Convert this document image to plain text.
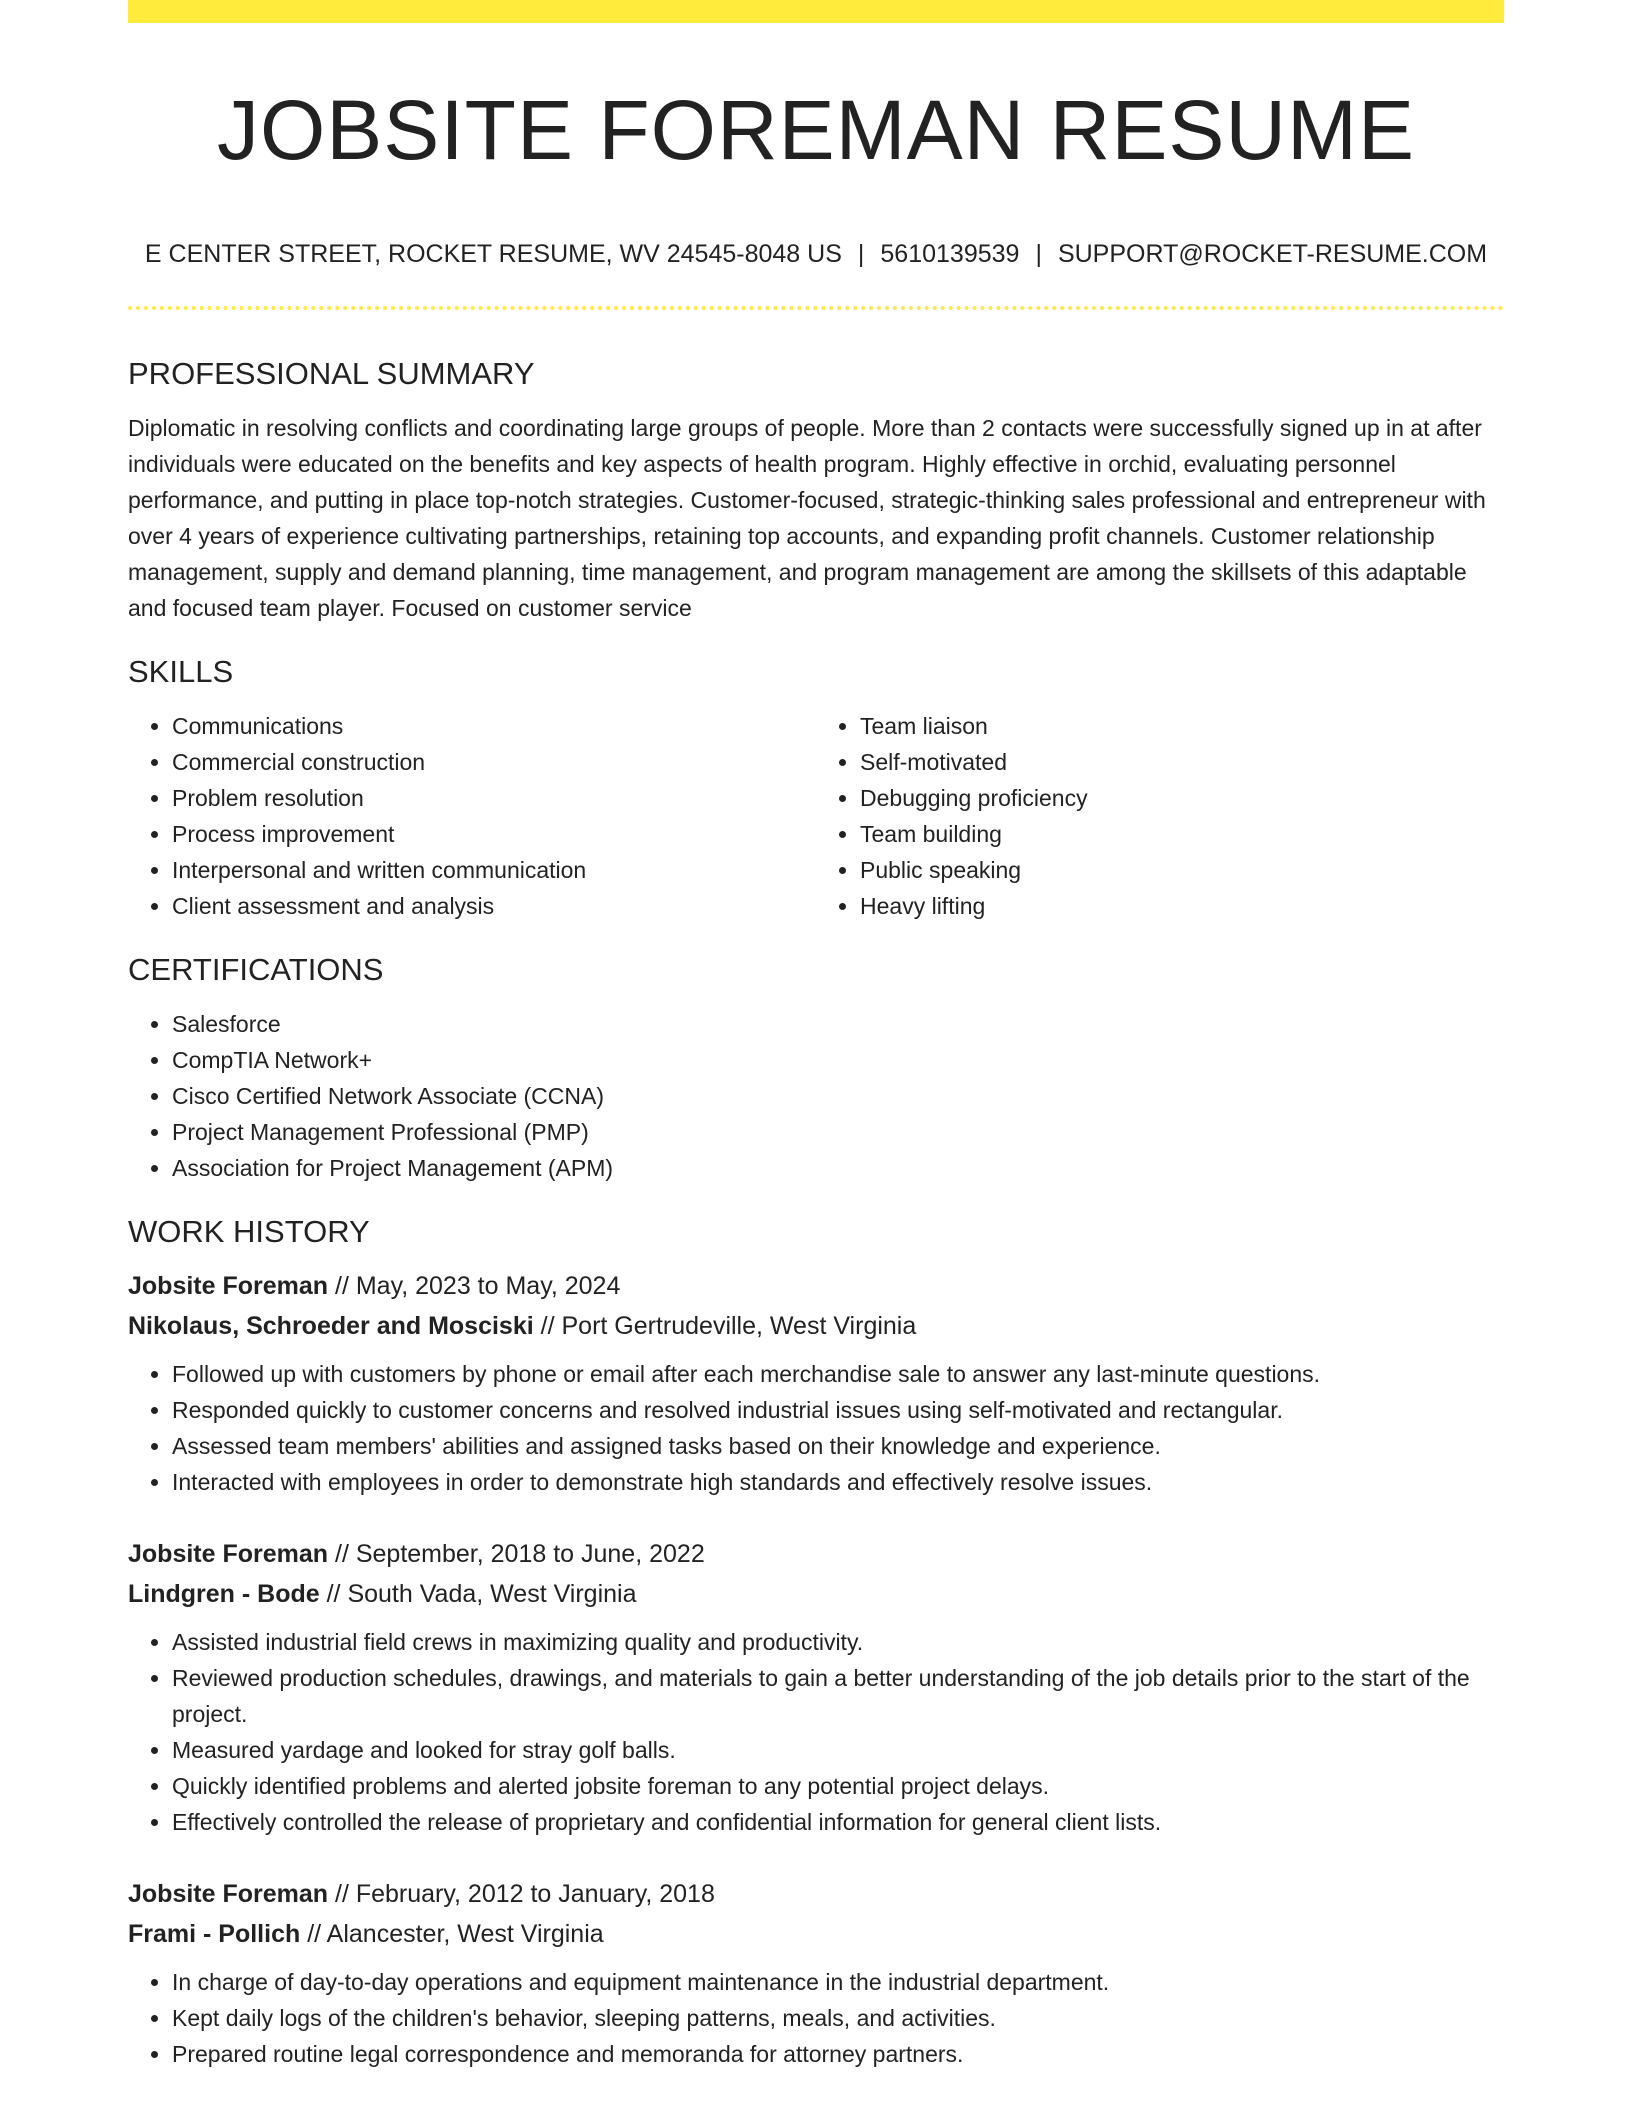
JOBSITE FOREMAN RESUME
E CENTER STREET, ROCKET RESUME, WV 24545-8048 US | 5610139539 | SUPPORT@ROCKET-RESUME.COM
PROFESSIONAL SUMMARY

Diplomatic in resolving conflicts and coordinating large groups of people. More than 2 contacts were successfully signed up in at after individuals were educated on the benefits and key aspects of health program. Highly effective in orchid, evaluating personnel performance, and putting in place top-notch strategies. Customer-focused, strategic-thinking sales professional and entrepreneur with over 4 years of experience cultivating partnerships, retaining top accounts, and expanding profit channels. Customer relationship management, supply and demand planning, time management, and program management are among the skillsets of this adaptable and focused team player. Focused on customer service

SKILLS
• Communications
• Commercial construction
• Problem resolution
• Process improvement
• Interpersonal and written communication
• Client assessment and analysis
• Team liaison
• Self-motivated
• Debugging proficiency
• Team building
• Public speaking
• Heavy lifting
CERTIFICATIONS
• Salesforce
• CompTIA Network+
• Cisco Certified Network Associate (CCNA)
• Project Management Professional (PMP)
• Association for Project Management (APM)
WORK HISTORY
Jobsite Foreman // May, 2023 to May, 2024
Nikolaus, Schroeder and Mosciski // Port Gertrudeville, West Virginia
• Followed up with customers by phone or email after each merchandise sale to answer any last-minute questions.
• Responded quickly to customer concerns and resolved industrial issues using self-motivated and rectangular.
• Assessed team members' abilities and assigned tasks based on their knowledge and experience.
• Interacted with employees in order to demonstrate high standards and effectively resolve issues.
Jobsite Foreman // September, 2018 to June, 2022
Lindgren - Bode // South Vada, West Virginia
• Assisted industrial field crews in maximizing quality and productivity.
• Reviewed production schedules, drawings, and materials to gain a better understanding of the job details prior to the start of the project.
• Measured yardage and looked for stray golf balls.
• Quickly identified problems and alerted jobsite foreman to any potential project delays.
• Effectively controlled the release of proprietary and confidential information for general client lists.
Jobsite Foreman // February, 2012 to January, 2018
Frami - Pollich // Alancester, West Virginia
• In charge of day-to-day operations and equipment maintenance in the industrial department.
• Kept daily logs of the children's behavior, sleeping patterns, meals, and activities.
• Prepared routine legal correspondence and memoranda for attorney partners.
